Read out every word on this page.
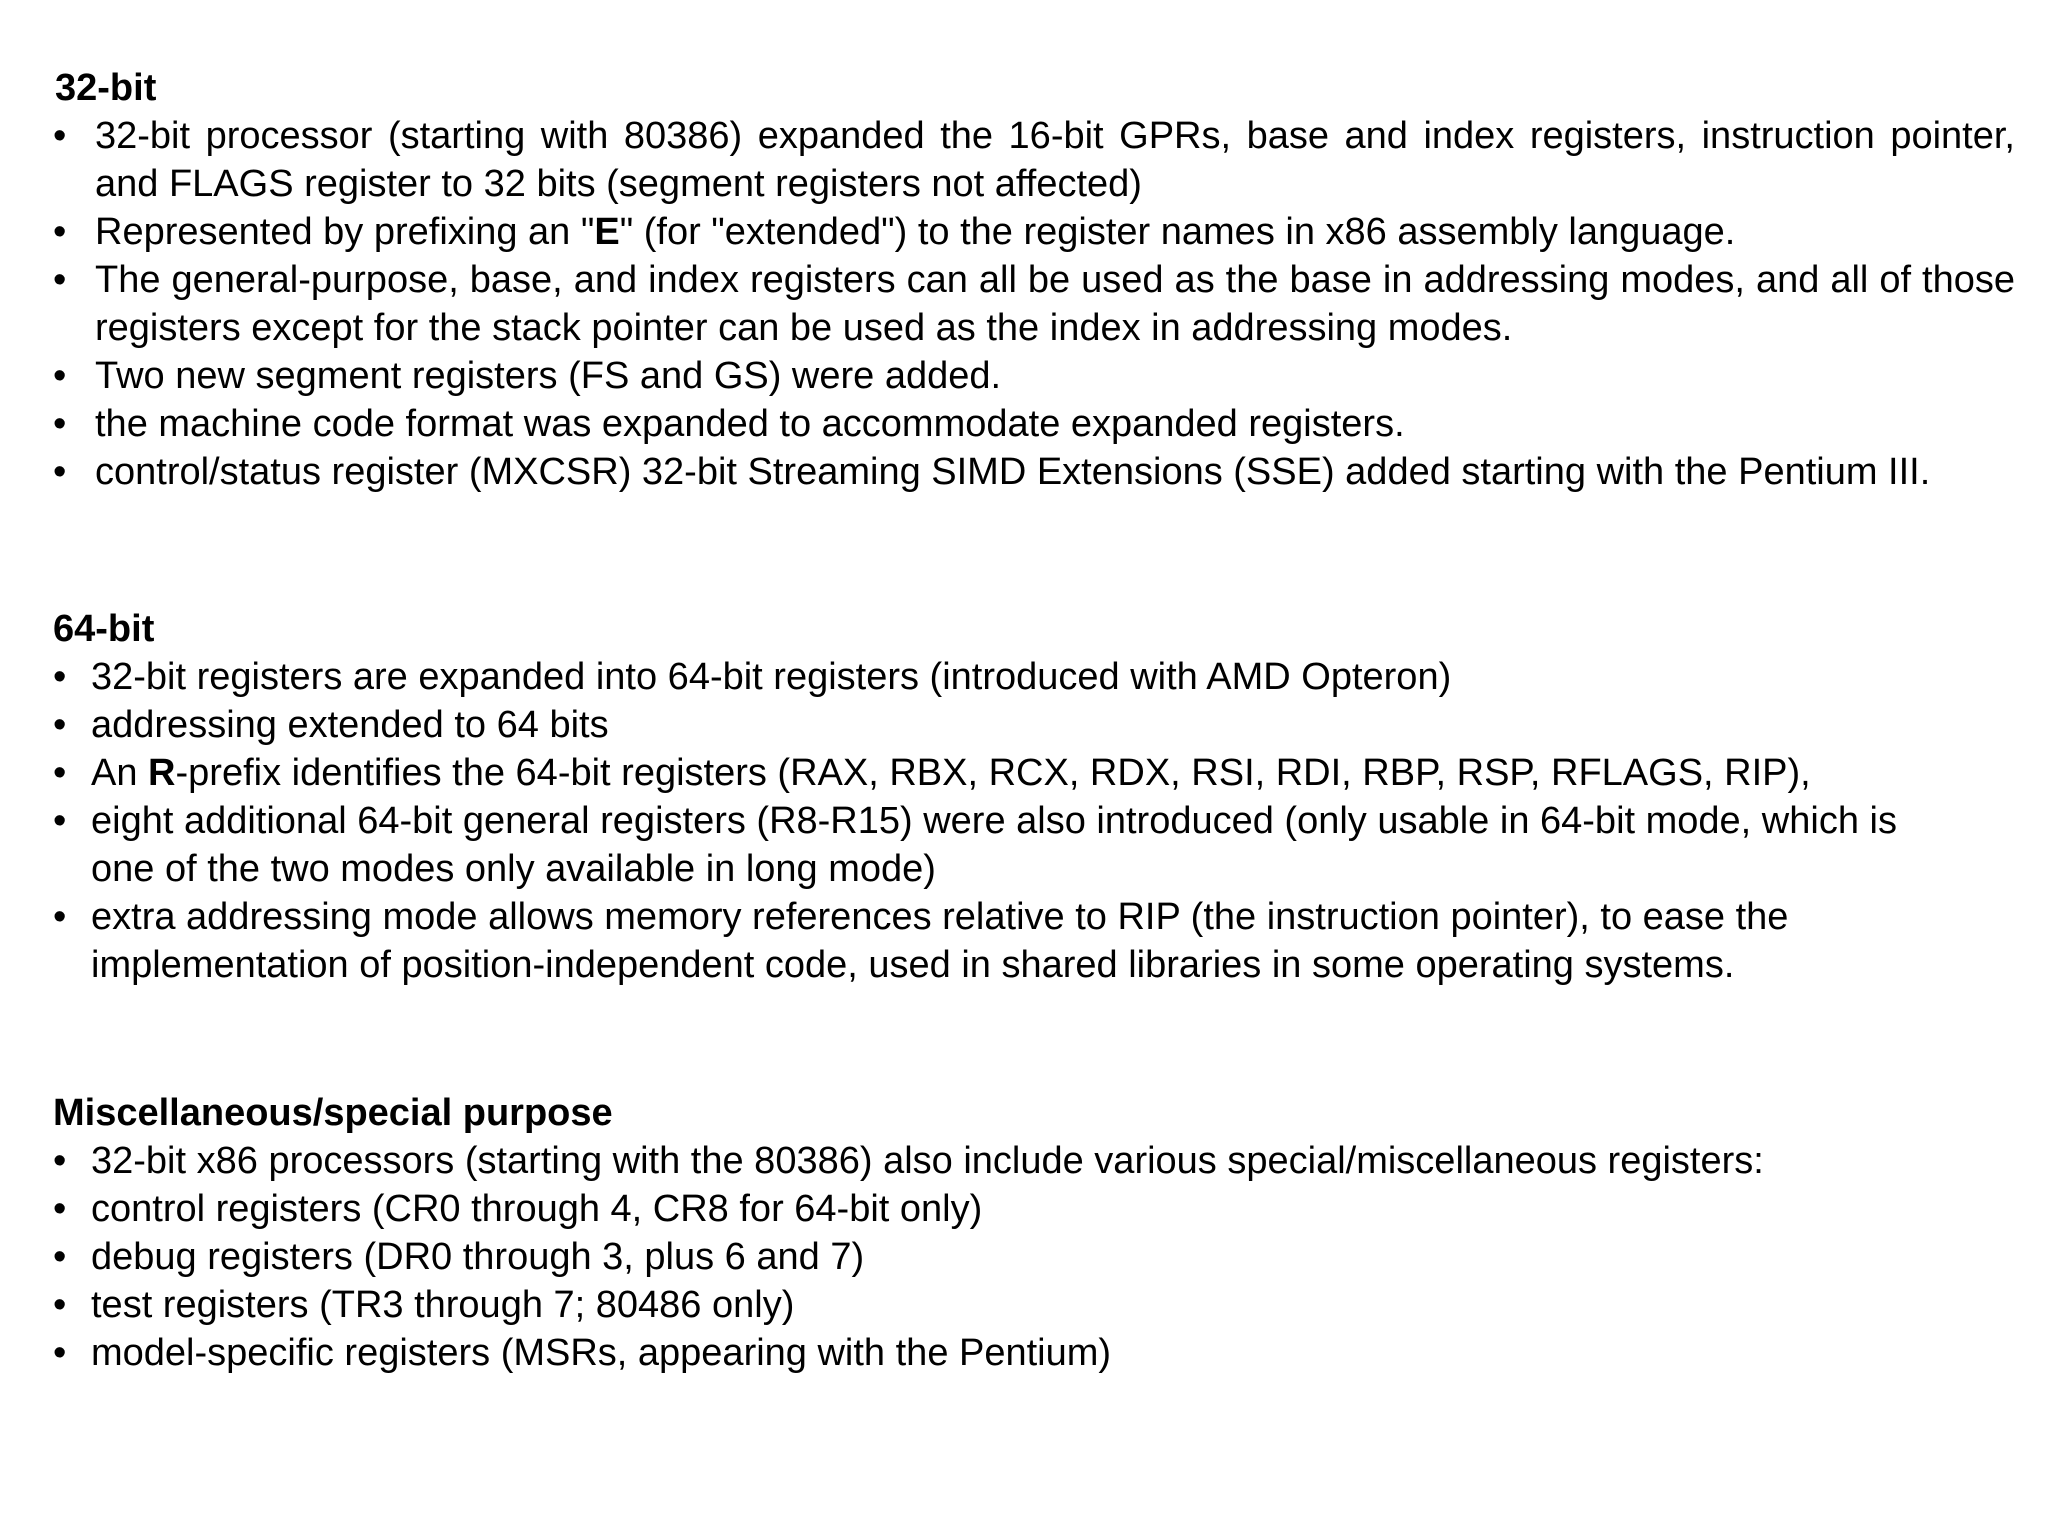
32-bit
• 32-bit processor (starting with 80386) expanded the 16-bit GPRs, base and index registers, instruction pointer, and FLAGS register to 32 bits (segment registers not affected)
• Represented by prefixing an "E" (for "extended") to the register names in x86 assembly language.
• The general-purpose, base, and index registers can all be used as the base in addressing modes, and all of those registers except for the stack pointer can be used as the index in addressing modes.
• Two new segment registers (FS and GS) were added.
• the machine code format was expanded to accommodate expanded registers.
• control/status register (MXCSR) 32-bit Streaming SIMD Extensions (SSE) added starting with the Pentium III.
64-bit
• 32-bit registers are expanded into 64-bit registers (introduced with AMD Opteron)
• addressing extended to 64 bits
• An R-prefix identifies the 64-bit registers (RAX, RBX, RCX, RDX, RSI, RDI, RBP, RSP, RFLAGS, RIP),
• eight additional 64-bit general registers (R8-R15) were also introduced (only usable in 64-bit mode, which is one of the two modes only available in long mode)
• extra addressing mode allows memory references relative to RIP (the instruction pointer), to ease the implementation of position-independent code, used in shared libraries in some operating systems.
Miscellaneous/special purpose
• 32-bit x86 processors (starting with the 80386) also include various special/miscellaneous registers:
• control registers (CR0 through 4, CR8 for 64-bit only)
• debug registers (DR0 through 3, plus 6 and 7)
• test registers (TR3 through 7; 80486 only)
• model-specific registers (MSRs, appearing with the Pentium)
